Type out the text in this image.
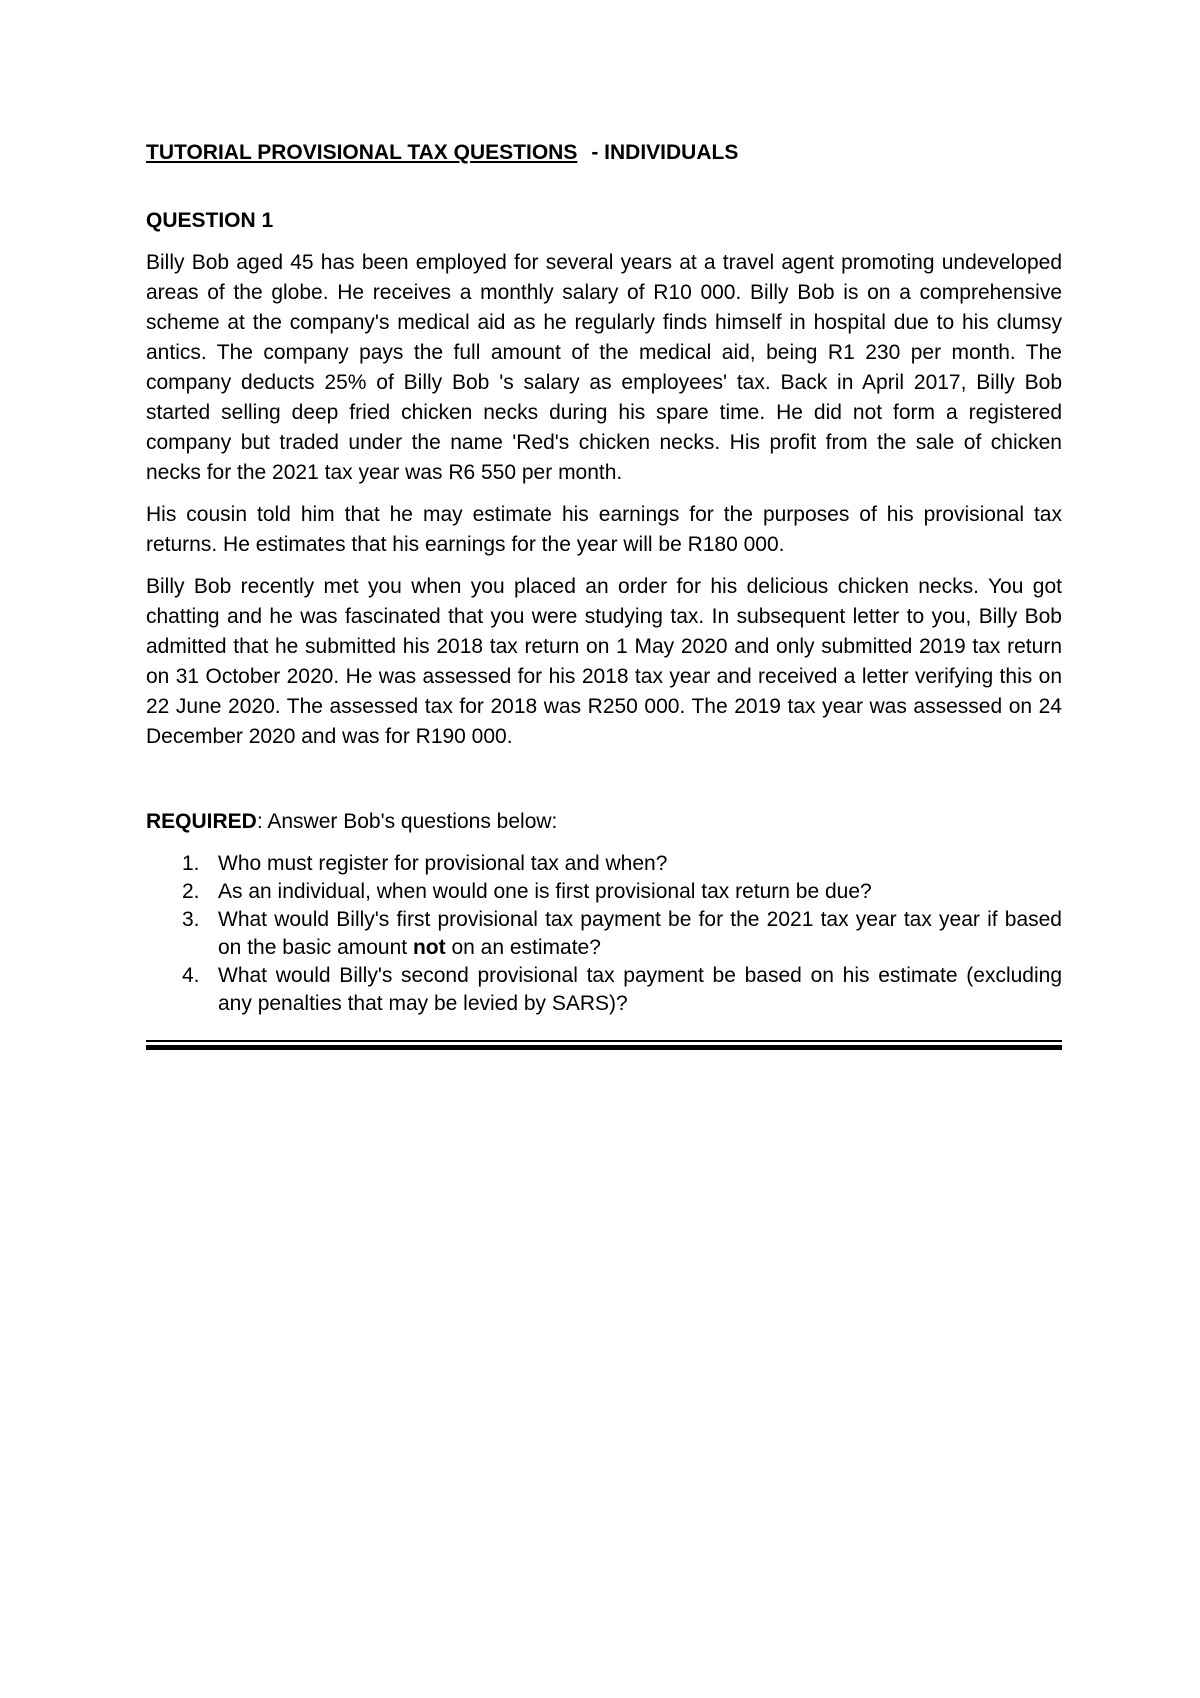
TUTORIAL PROVISIONAL TAX QUESTIONS - INDIVIDUALS

QUESTION 1

Billy Bob aged 45 has been employed for several years at a travel agent promoting undeveloped areas of the globe. He receives a monthly salary of R10 000. Billy Bob is on a comprehensive scheme at the company's medical aid as he regularly finds himself in hospital due to his clumsy antics. The company pays the full amount of the medical aid, being R1 230 per month. The company deducts 25% of Billy Bob 's salary as employees' tax. Back in April 2017, Billy Bob started selling deep fried chicken necks during his spare time. He did not form a registered company but traded under the name 'Red's chicken necks. His profit from the sale of chicken necks for the 2021 tax year was R6 550 per month.

His cousin told him that he may estimate his earnings for the purposes of his provisional tax returns. He estimates that his earnings for the year will be R180 000.

Billy Bob recently met you when you placed an order for his delicious chicken necks. You got chatting and he was fascinated that you were studying tax. In subsequent letter to you, Billy Bob admitted that he submitted his 2018 tax return on 1 May 2020 and only submitted 2019 tax return on 31 October 2020. He was assessed for his 2018 tax year and received a letter verifying this on 22 June 2020. The assessed tax for 2018 was R250 000. The 2019 tax year was assessed on 24 December 2020 and was for R190 000.

REQUIRED: Answer Bob's questions below:
1. Who must register for provisional tax and when?
2. As an individual, when would one is first provisional tax return be due?
3. What would Billy's first provisional tax payment be for the 2021 tax year tax year if based on the basic amount not on an estimate?
4. What would Billy's second provisional tax payment be based on his estimate (excluding any penalties that may be levied by SARS)?
